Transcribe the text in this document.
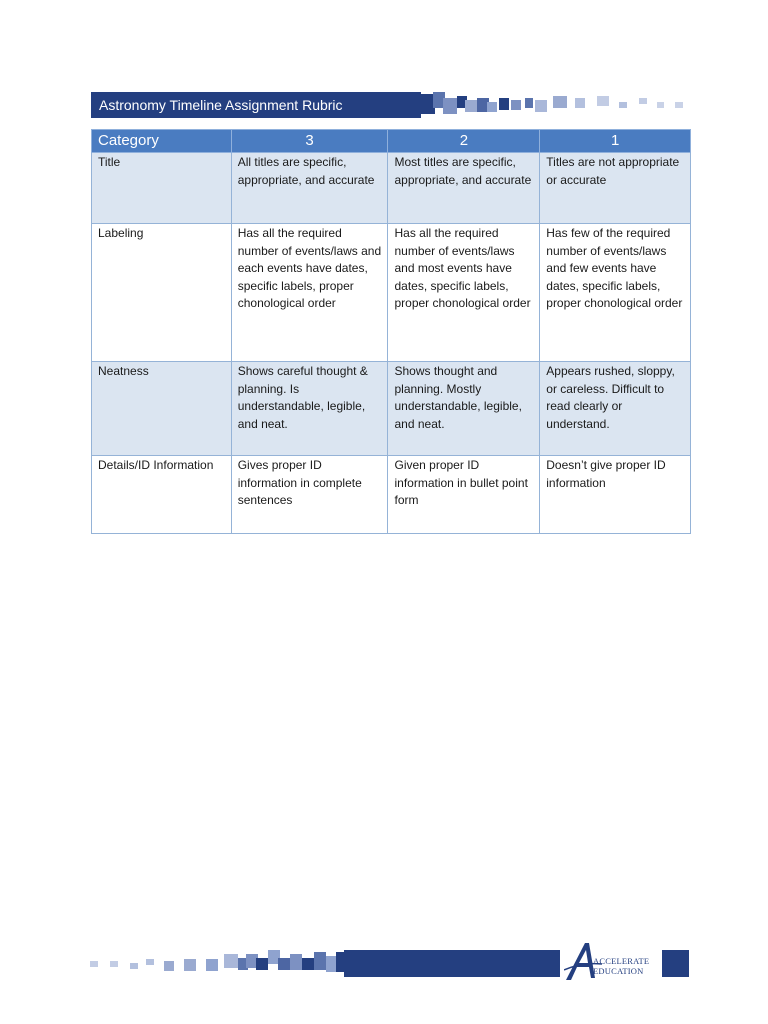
Astronomy Timeline Assignment Rubric
Category	3	2	1
Title	All titles are specific, appropriate, and accurate	Most titles are specific, appropriate, and accurate	Titles are not appropriate or accurate
Labeling	Has all the required number of events/laws and each events have dates, specific labels, proper chonological order	Has all the required number of events/laws and most events have dates, specific labels, proper chonological order	Has few of the required number of events/laws and few events have dates, specific labels, proper chonological order
Neatness	Shows careful thought & planning. Is understandable, legible, and neat.	Shows thought and planning. Mostly understandable, legible, and neat.	Appears rushed, sloppy, or careless. Difficult to read clearly or understand.
Details/ID Information	Gives proper ID information in complete sentences	Given proper ID information in bullet point form	Doesn’t give proper ID information
ACCELERATE EDUCATION
